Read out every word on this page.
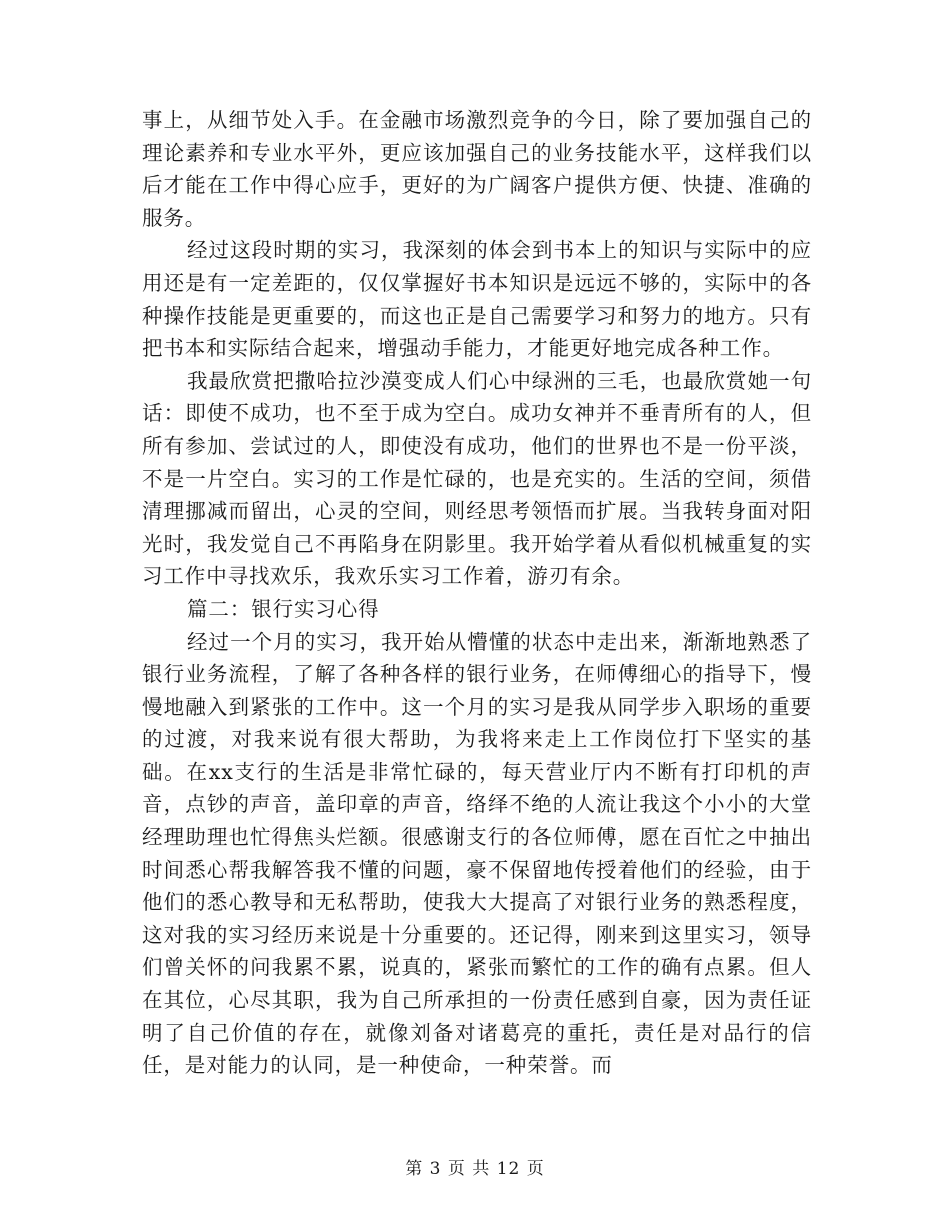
事上，从细节处入手。在金融市场激烈竞争的今日，除了要加强自己的理论素养和专业水平外，更应该加强自己的业务技能水平，这样我们以后才能在工作中得心应手，更好的为广阔客户提供方便、快捷、准确的服务。

经过这段时期的实习，我深刻的体会到书本上的知识与实际中的应用还是有一定差距的，仅仅掌握好书本知识是远远不够的，实际中的各种操作技能是更重要的，而这也正是自己需要学习和努力的地方。只有把书本和实际结合起来，增强动手能力，才能更好地完成各种工作。

我最欣赏把撒哈拉沙漠变成人们心中绿洲的三毛，也最欣赏她一句话：即使不成功，也不至于成为空白。成功女神并不垂青所有的人，但所有参加、尝试过的人，即使没有成功，他们的世界也不是一份平淡，不是一片空白。实习的工作是忙碌的，也是充实的。生活的空间，须借清理挪减而留出，心灵的空间，则经思考领悟而扩展。当我转身面对阳光时，我发觉自己不再陷身在阴影里。我开始学着从看似机械重复的实习工作中寻找欢乐，我欢乐实习工作着，游刃有余。

篇二：银行实习心得

经过一个月的实习，我开始从懵懂的状态中走出来，渐渐地熟悉了银行业务流程，了解了各种各样的银行业务，在师傅细心的指导下，慢慢地融入到紧张的工作中。这一个月的实习是我从同学步入职场的重要的过渡，对我来说有很大帮助，为我将来走上工作岗位打下坚实的基础。在xx支行的生活是非常忙碌的，每天营业厅内不断有打印机的声音，点钞的声音，盖印章的声音，络绎不绝的人流让我这个小小的大堂经理助理也忙得焦头烂额。很感谢支行的各位师傅，愿在百忙之中抽出时间悉心帮我解答我不懂的问题，豪不保留地传授着他们的经验，由于他们的悉心教导和无私帮助，使我大大提高了对银行业务的熟悉程度，这对我的实习经历来说是十分重要的。还记得，刚来到这里实习，领导们曾关怀的问我累不累，说真的，紧张而繁忙的工作的确有点累。但人在其位，心尽其职，我为自己所承担的一份责任感到自豪，因为责任证明了自己价值的存在，就像刘备对诸葛亮的重托，责任是对品行的信任，是对能力的认同，是一种使命，一种荣誉。而

第 3 页 共 12 页
